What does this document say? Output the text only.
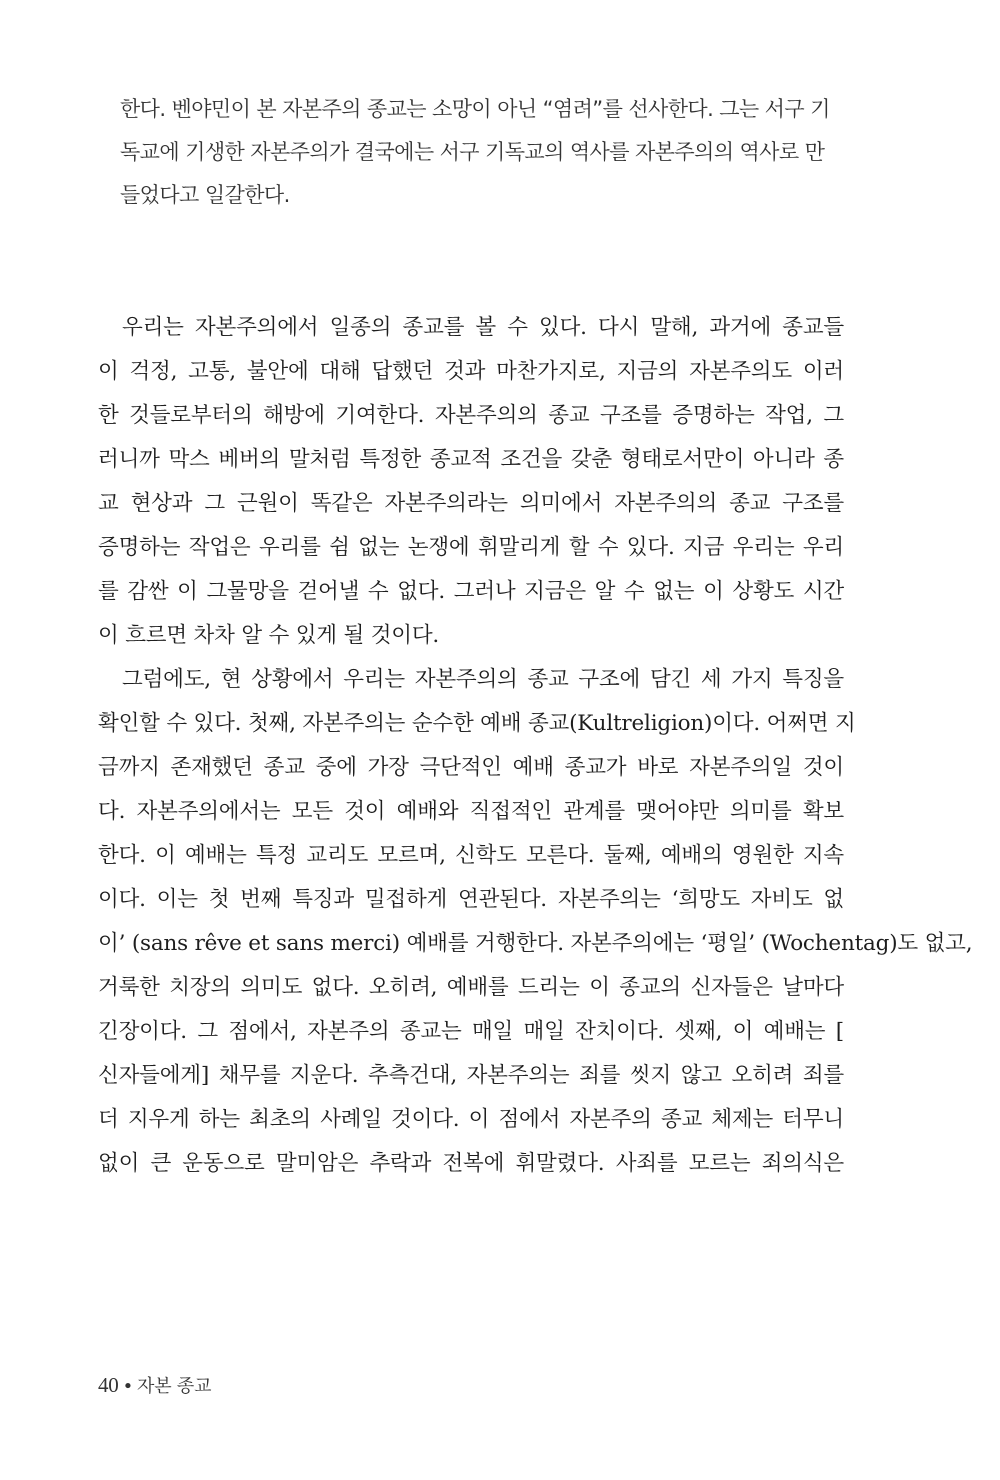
한다. 벤야민이 본 자본주의 종교는 소망이 아닌 “염려”를 선사한다. 그는 서구 기
독교에 기생한 자본주의가 결국에는 서구 기독교의 역사를 자본주의의 역사로 만
들었다고 일갈한다.
우리는 자본주의에서 일종의 종교를 볼 수 있다. 다시 말해, 과거에 종교들
이 걱정, 고통, 불안에 대해 답했던 것과 마찬가지로, 지금의 자본주의도 이러
한 것들로부터의 해방에 기여한다. 자본주의의 종교 구조를 증명하는 작업, 그
러니까 막스 베버의 말처럼 특정한 종교적 조건을 갖춘 형태로서만이 아니라 종
교 현상과 그 근원이 똑같은 자본주의라는 의미에서 자본주의의 종교 구조를
증명하는 작업은 우리를 쉼 없는 논쟁에 휘말리게 할 수 있다. 지금 우리는 우리
를 감싼 이 그물망을 걷어낼 수 없다. 그러나 지금은 알 수 없는 이 상황도 시간
이 흐르면 차차 알 수 있게 될 것이다.
그럼에도, 현 상황에서 우리는 자본주의의 종교 구조에 담긴 세 가지 특징을
확인할 수 있다. 첫째, 자본주의는 순수한 예배 종교(Kultreligion)이다. 어쩌면 지
금까지 존재했던 종교 중에 가장 극단적인 예배 종교가 바로 자본주의일 것이
다. 자본주의에서는 모든 것이 예배와 직접적인 관계를 맺어야만 의미를 확보
한다. 이 예배는 특정 교리도 모르며, 신학도 모른다. 둘째, 예배의 영원한 지속
이다. 이는 첫 번째 특징과 밀접하게 연관된다. 자본주의는 ‘희망도 자비도 없
이’ (sans rêve et sans merci) 예배를 거행한다. 자본주의에는 ‘평일’ (Wochentag)도 없고,
거룩한 치장의 의미도 없다. 오히려, 예배를 드리는 이 종교의 신자들은 날마다
긴장이다. 그 점에서, 자본주의 종교는 매일 매일 잔치이다. 셋째, 이 예배는 [
신자들에게] 채무를 지운다. 추측건대, 자본주의는 죄를 씻지 않고 오히려 죄를
더 지우게 하는 최초의 사례일 것이다. 이 점에서 자본주의 종교 체제는 터무니
없이 큰 운동으로 말미암은 추락과 전복에 휘말렸다. 사죄를 모르는 죄의식은
40 • 자본 종교
